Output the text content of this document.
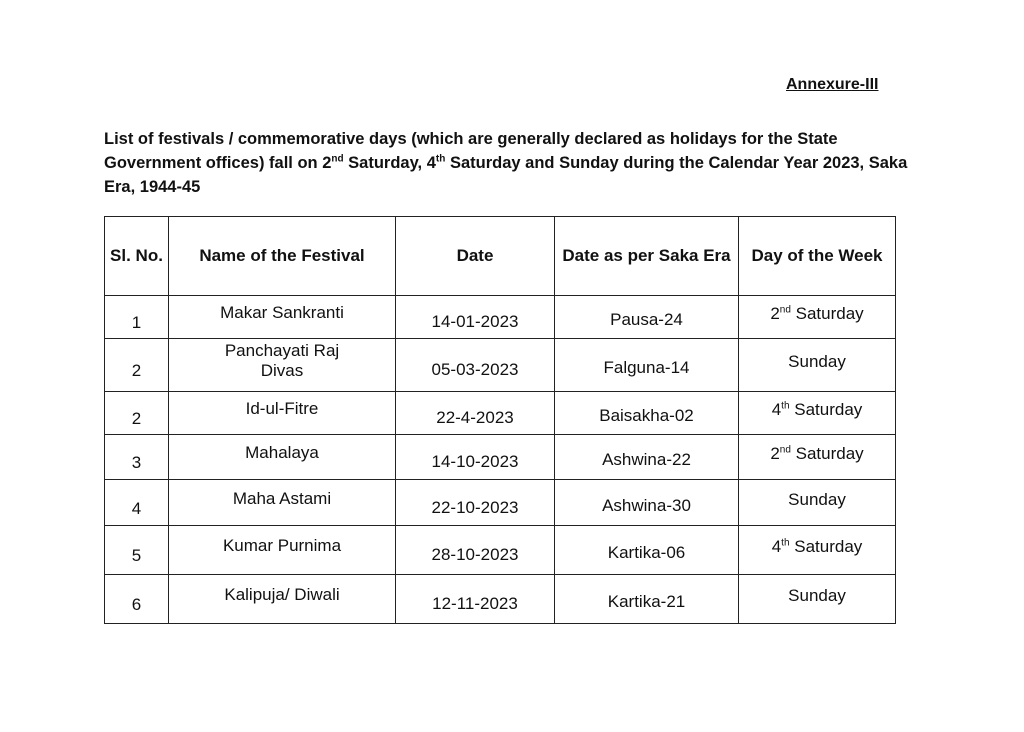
Annexure-III
List of festivals / commemorative days (which are generally declared as holidays for the State Government offices) fall on 2nd Saturday, 4th Saturday and Sunday during the Calendar Year 2023, Saka Era, 1944-45
Sl. No.	Name of the Festival	Date	Date as per Saka Era	Day of the Week
1	Makar Sankranti	14-01-2023	Pausa-24	2nd Saturday
2	Panchayati Raj Divas	05-03-2023	Falguna-14	Sunday
2	Id-ul-Fitre	22-4-2023	Baisakha-02	4th Saturday
3	Mahalaya	14-10-2023	Ashwina-22	2nd Saturday
4	Maha Astami	22-10-2023	Ashwina-30	Sunday
5	Kumar Purnima	28-10-2023	Kartika-06	4th Saturday
6	Kalipuja/ Diwali	12-11-2023	Kartika-21	Sunday
